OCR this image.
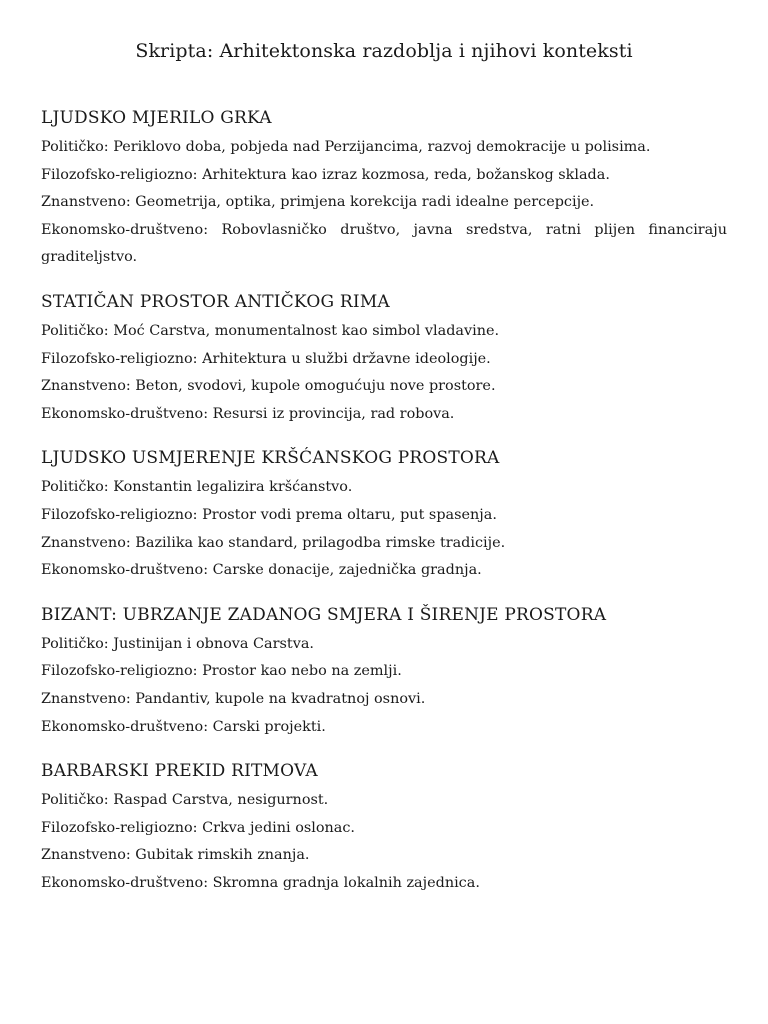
Skripta: Arhitektonska razdoblja i njihovi konteksti
LJUDSKO MJERILO GRKA

Političko: Periklovo doba, pobjeda nad Perzijancima, razvoj demokracije u polisima.

Filozofsko-religiozno: Arhitektura kao izraz kozmosa, reda, božanskog sklada.

Znanstveno: Geometrija, optika, primjena korekcija radi idealne percepcije.

Ekonomsko-društveno: Robovlasničko društvo, javna sredstva, ratni plijen financiraju graditeljstvo.

STATIČAN PROSTOR ANTIČKOG RIMA

Političko: Moć Carstva, monumentalnost kao simbol vladavine.

Filozofsko-religiozno: Arhitektura u službi državne ideologije.

Znanstveno: Beton, svodovi, kupole omogućuju nove prostore.

Ekonomsko-društveno: Resursi iz provincija, rad robova.

LJUDSKO USMJERENJE KRŠĆANSKOG PROSTORA

Političko: Konstantin legalizira kršćanstvo.

Filozofsko-religiozno: Prostor vodi prema oltaru, put spasenja.

Znanstveno: Bazilika kao standard, prilagodba rimske tradicije.

Ekonomsko-društveno: Carske donacije, zajednička gradnja.

BIZANT: UBRZANJE ZADANOG SMJERA I ŠIRENJE PROSTORA

Političko: Justinijan i obnova Carstva.

Filozofsko-religiozno: Prostor kao nebo na zemlji.

Znanstveno: Pandantiv, kupole na kvadratnoj osnovi.

Ekonomsko-društveno: Carski projekti.

BARBARSKI PREKID RITMOVA

Političko: Raspad Carstva, nesigurnost.

Filozofsko-religiozno: Crkva jedini oslonac.

Znanstveno: Gubitak rimskih znanja.

Ekonomsko-društveno: Skromna gradnja lokalnih zajednica.
